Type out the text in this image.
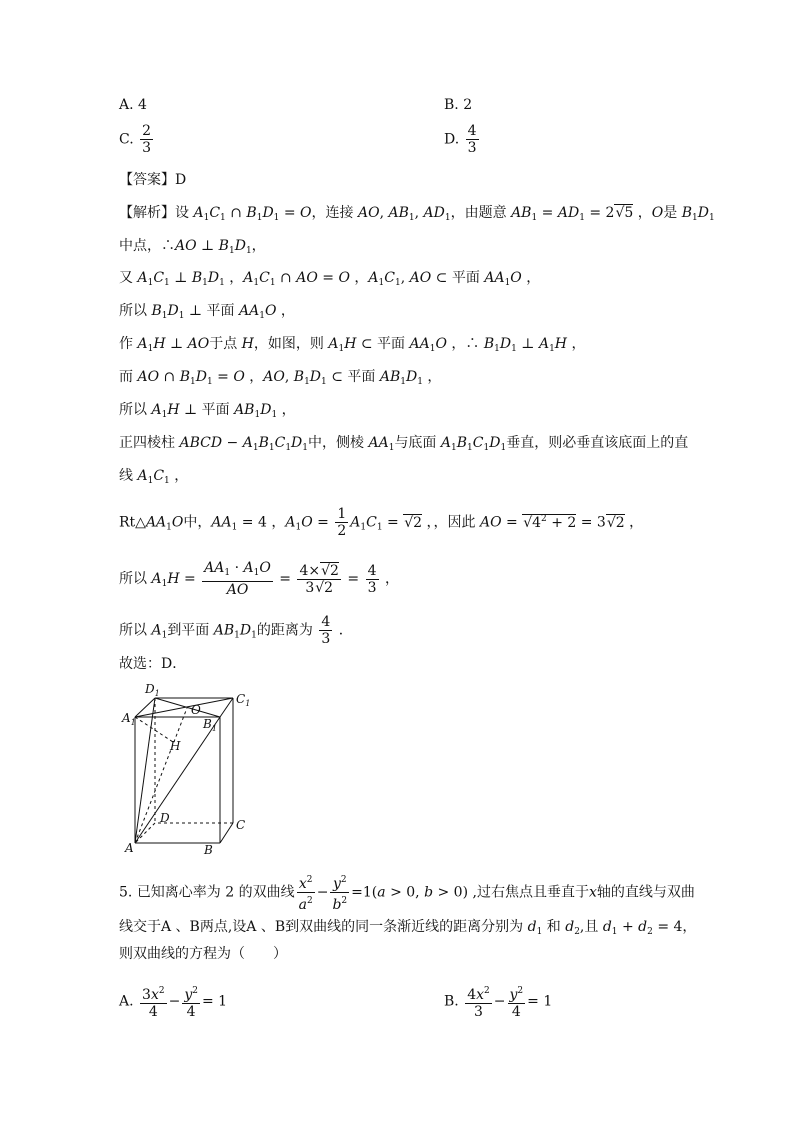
A. 4	B. 2
C. $\frac{2}{3}$	D. $\frac{4}{3}$
【答案】D
【解析】设 $A_1C_1$ ∩ $B_1D_1 = O$，连接 AO, $AB_1$, $AD_1$，由题意 $AB_1 = AD_1 = 2√5$ ，O是 $B_1D_1$
中点，∴AO ⊥ $B_1D_1$，
又 $A_1C_1$ ⊥ $B_1D_1$ ，$A_1C_1$ ∩ AO = O ，$A_1C_1$, AO ⊂ 平面 $AA_1O$ ，
所以 $B_1D_1$ ⊥ 平面 $AA_1O$ ，
作 $A_1H$ ⊥ AO于点 H，如图，则 $A_1H$ ⊂ 平面 $AA_1O$ ，∴ $B_1D_1$ ⊥ $A_1H$ ，
而 AO ∩ $B_1D_1 = O$ ，AO, $B_1D_1$ ⊂ 平面 $AB_1D_1$ ，
所以 $A_1H$ ⊥ 平面 $AB_1D_1$ ，
正四棱柱 ABCD − $A_1B_1C_1D_1$中，侧棱 $AA_1$与底面 $A_1B_1C_1D_1$垂直，则必垂直该底面上的直
线 $A_1C_1$ ，
$Rt\triangle AA_1O$中，$AA_1 = 4$ ，$A_1O = \frac{1}{2} A_1C_1 = √2$ ，，因此 AO = $√4^2 + 2 = 3√2$ ，
所以 $A_1H = \frac{AA_1 \cdot A_1O}{AO} = \frac{4\times√2}{3√2} = \frac{4}{3}$ ，
所以 $A_1$到平面 $AB_1D_1$的距离为 $\frac{4}{3}$ ．
故选：D．
$A_1$
$D_1$	$C_1$
$B_1$
O
H
D	C
A	B
5. 已知离心率为 2 的双曲线 $\frac{x^2}{a^2} - \frac{y^2}{b^2} =1(a > 0$, b > 0) ,过右焦点且垂直于x轴的直线与双曲
线交于A 、B两点,设A 、B到双曲线的同一条渐近线的距离分别为 $d_1$ 和 $d_2$,且 $d_1 + d_2 = 4$，
则双曲线的方程为（　　）
A. $\frac{3x^2}{4} - \frac{y^2}{4} = 1$	B. $\frac{4x^2}{3} - \frac{y^2}{4} = 1$
